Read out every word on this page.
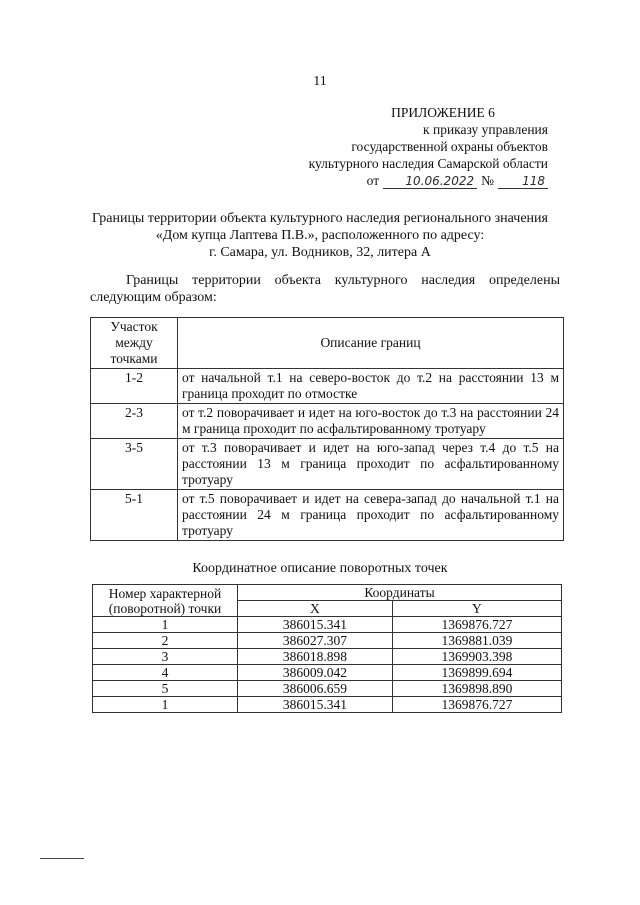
11
ПРИЛОЖЕНИЕ 6
к приказу управления
государственной охраны объектов
культурного наследия Самарской области
от	10.06.2022 №	118
Границы территории объекта культурного наследия регионального значения
«Дом купца Лаптева П.В.», расположенного по адресу:
г. Самара, ул. Водников, 32, литера А
Границы территории объекта культурного наследия определены следующим образом:
Участок между точками	Описание границ
1-2	от начальной т.1 на северо-восток до т.2 на расстоянии 13 м граница проходит по отмостке
2-3	от т.2 поворачивает и идет на юго-восток до т.3 на расстоянии 24 м граница проходит по асфальтированному тротуару
3-5	от т.3 поворачивает и идет на юго-запад через т.4 до т.5 на расстоянии 13 м граница проходит по асфальтированному тротуару
5-1	от т.5 поворачивает и идет на севера-запад до начальной т.1 на расстоянии 24 м граница проходит по асфальтированному тротуару
Координатное описание поворотных точек
Номер характерной (поворотной) точки	Координаты	
	X	Y
1	386015.341	1369876.727
2	386027.307	1369881.039
3	386018.898	1369903.398
4	386009.042	1369899.694
5	386006.659	1369898.890
1	386015.341	1369876.727
